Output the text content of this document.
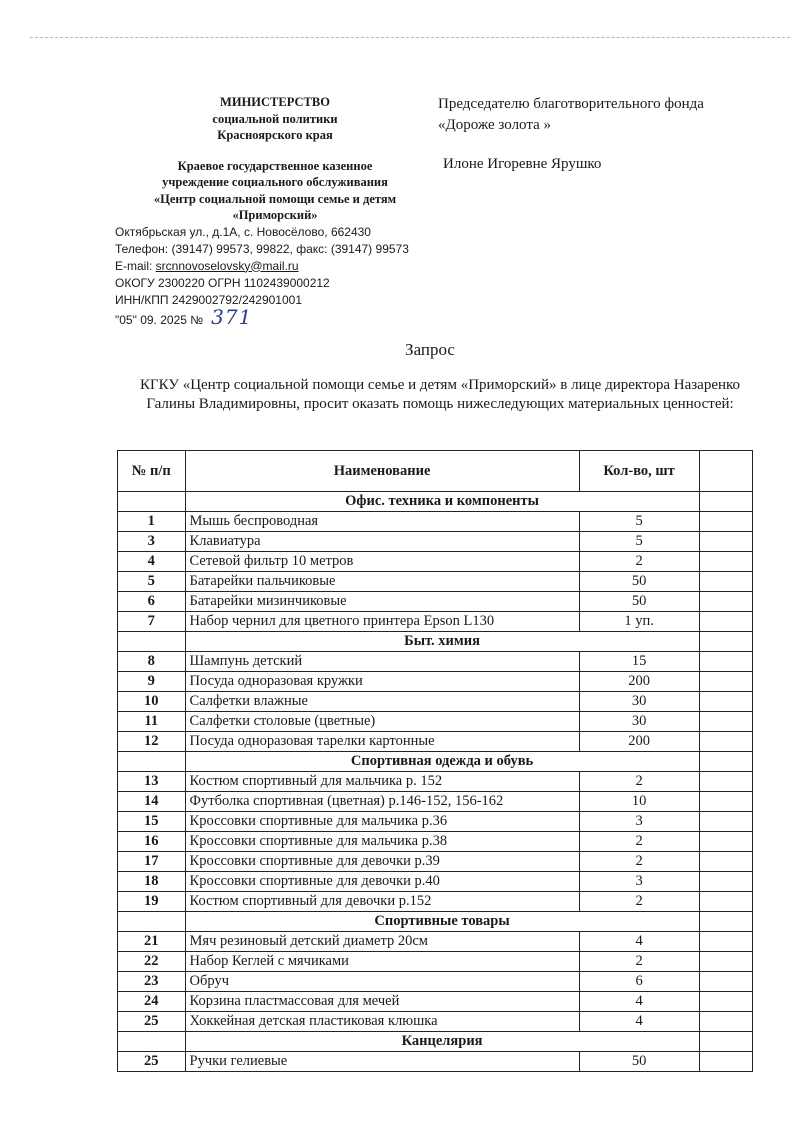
МИНИСТЕРСТВО
социальной политики
Красноярского края
Краевое государственное казенное
учреждение социального обслуживания
«Центр социальной помощи семье и детям
«Приморский»
Октябрьская ул., д.1А, с. Новосёлово, 662430
Телефон: (39147) 99573, 99822, факс: (39147) 99573
E-mail: srcnnovoselovsky@mail.ru
ОКОГУ 2300220 ОГРН 1102439000212
ИНН/КПП 2429002792/242901001
"05" 09. 2025 № 371
Председателю благотворительного фонда
«Дороже золота »
Илоне Игоревне Ярушко
Запрос
КГКУ «Центр социальной помощи семье и детям «Приморский» в лице директора Назаренко Галины Владимировны, просит оказать помощь нижеследующих материальных ценностей:
№ п/п	Наименование	Кол-во, шт	
	Офис. техника и компоненты		
1	Мышь беспроводная	5	
3	Клавиатура	5	
4	Сетевой фильтр 10 метров	2	
5	Батарейки пальчиковые	50	
6	Батарейки мизинчиковые	50	
7	Набор чернил для цветного принтера Epson L130	1 уп.	
	Быт. химия		
8	Шампунь детский	15	
9	Посуда одноразовая кружки	200	
10	Салфетки влажные	30	
11	Салфетки столовые (цветные)	30	
12	Посуда одноразовая тарелки картонные	200	
	Спортивная одежда и обувь		
13	Костюм спортивный для мальчика р. 152	2	
14	Футболка спортивная (цветная) р.146-152, 156-162	10	
15	Кроссовки спортивные для мальчика р.36	3	
16	Кроссовки спортивные для мальчика р.38	2	
17	Кроссовки спортивные для девочки р.39	2	
18	Кроссовки спортивные для девочки р.40	3	
19	Костюм спортивный для девочки р.152	2	
	Спортивные товары		
21	Мяч резиновый детский диаметр 20см	4	
22	Набор Кеглей с мячиками	2	
23	Обруч	6	
24	Корзина пластмассовая для мечей	4	
25	Хоккейная детская пластиковая клюшка	4	
	Канцелярия		
25	Ручки гелиевые	50	
